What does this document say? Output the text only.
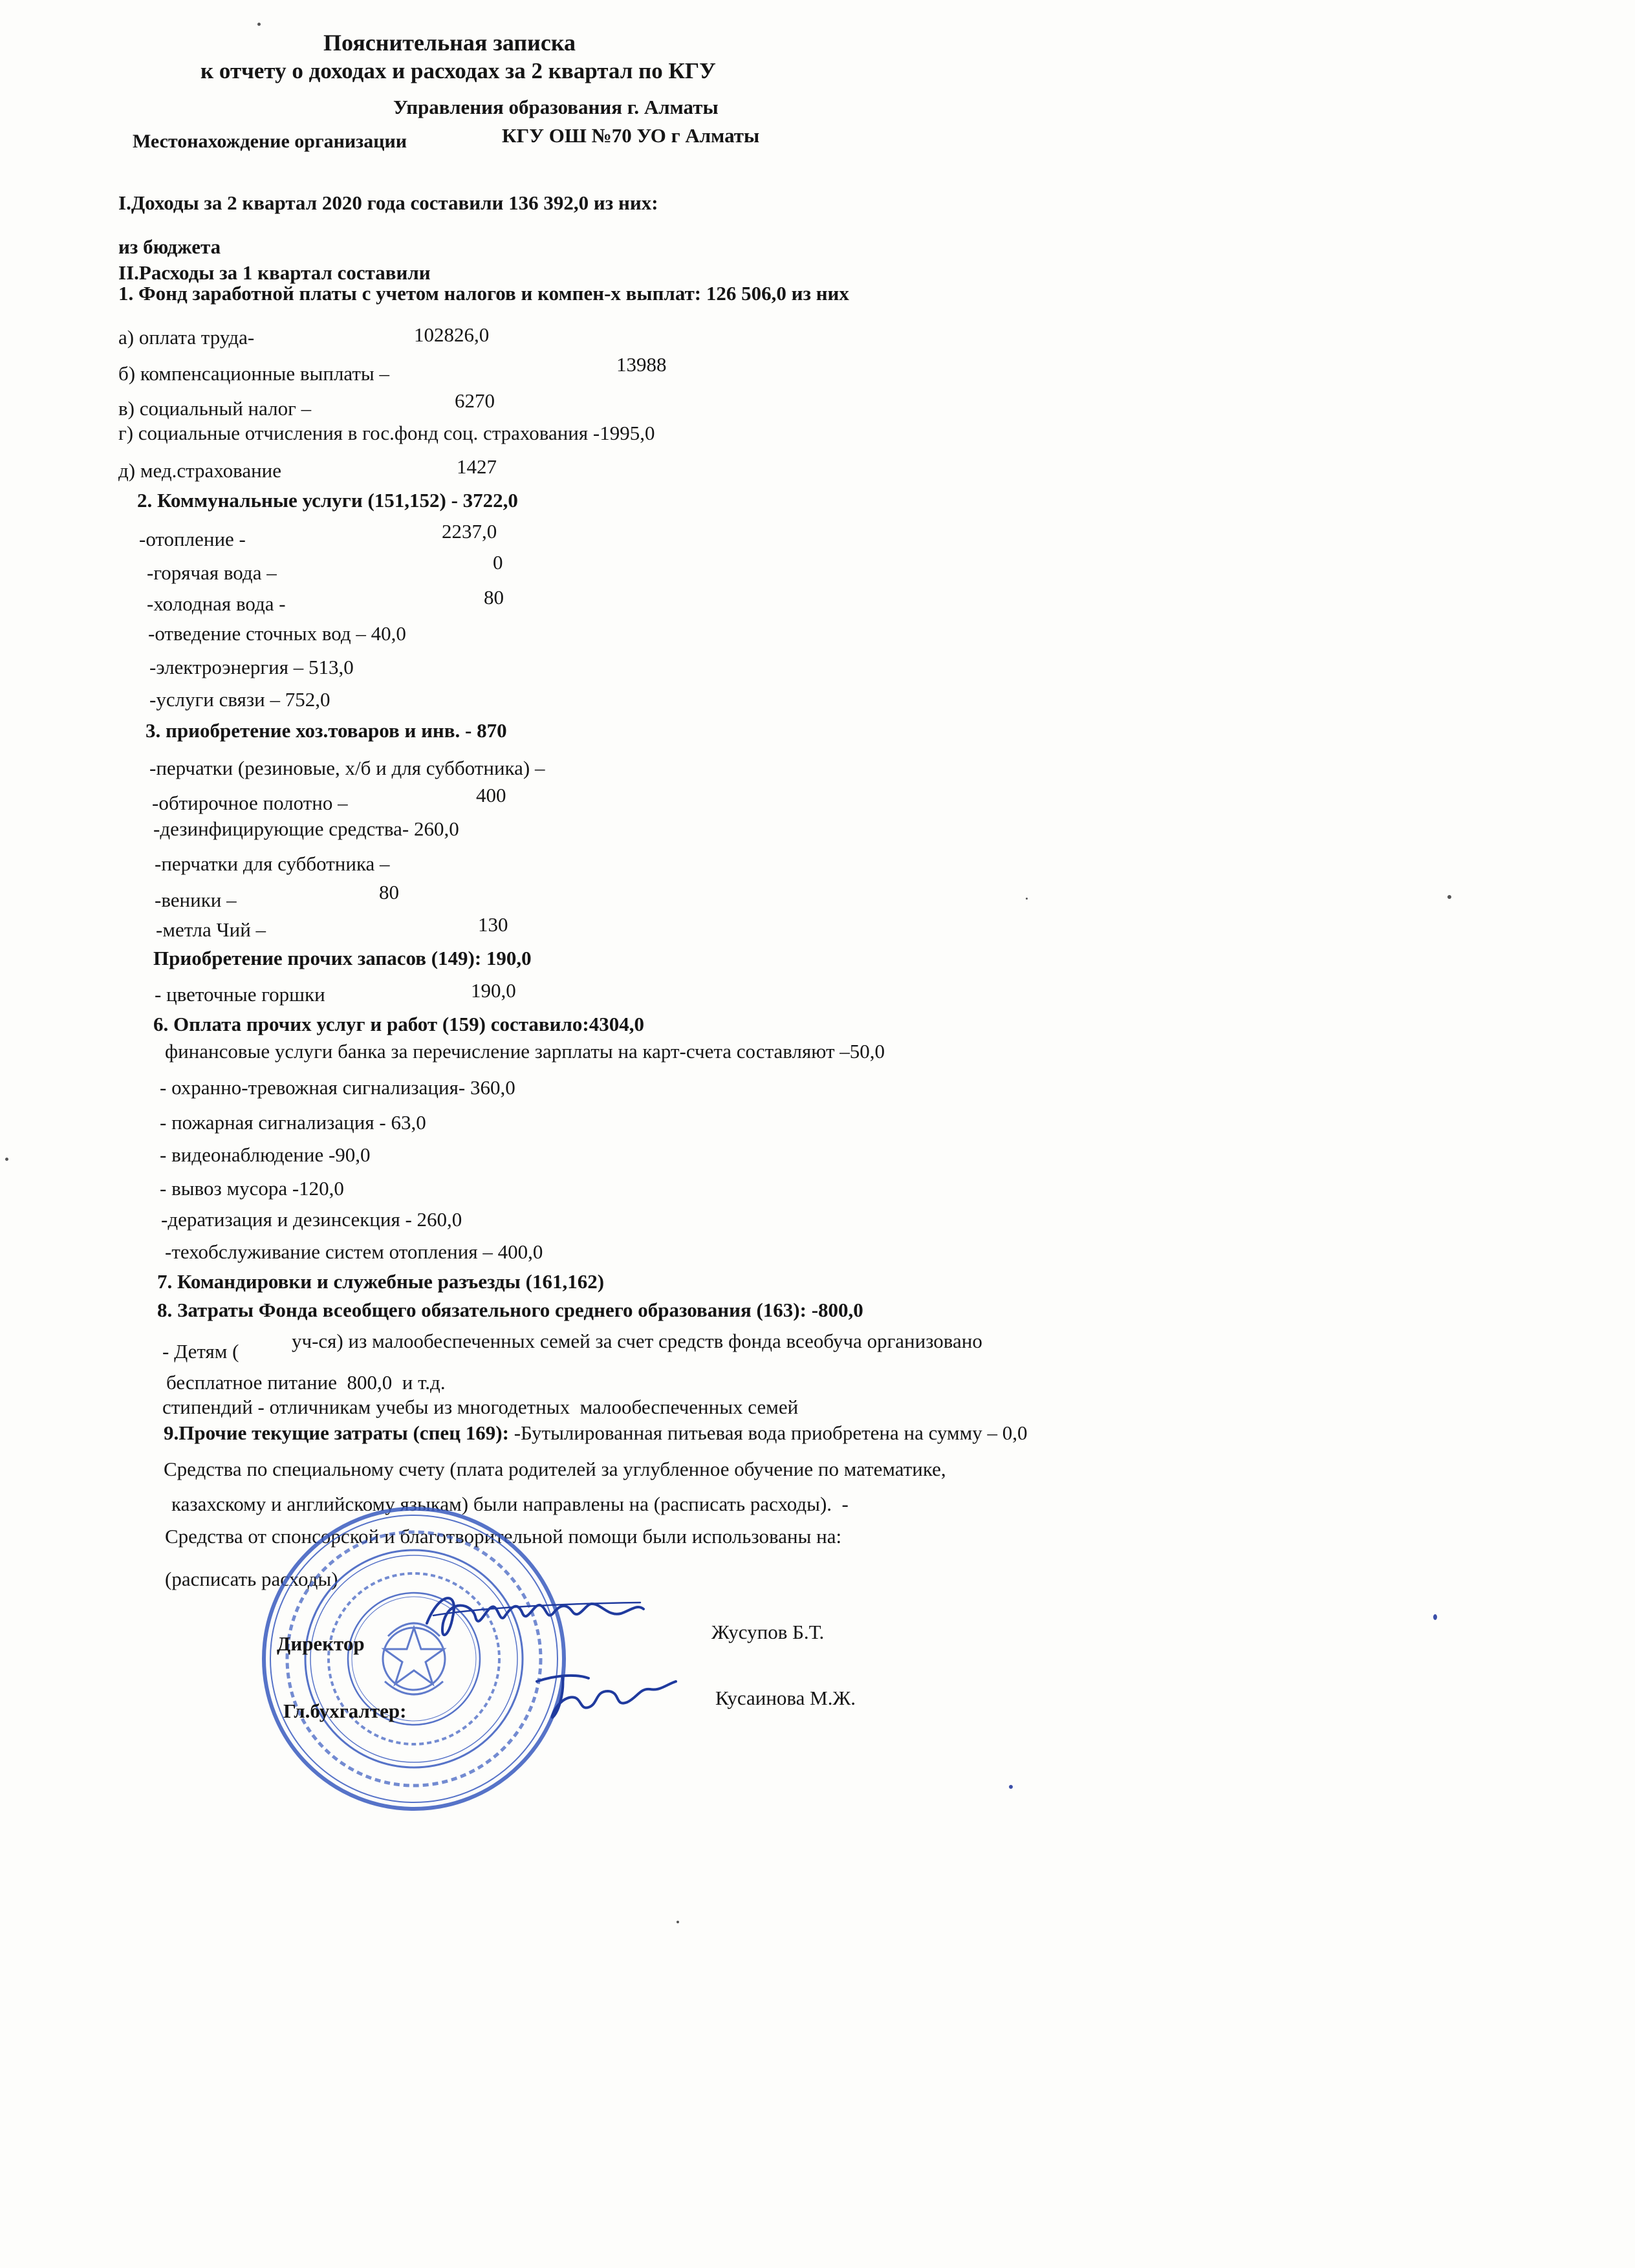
Пояснительная записка
к отчету о доходах и расходах за 2 квартал по КГУ
Управления образования г. Алматы
Местонахождение организации	КГУ ОШ №70 УО г Алматы
I.Доходы за 2 квартал 2020 года составили 136 392,0 из них:
из бюджета
II.Расходы за 1 квартал составили
1. Фонд заработной платы с учетом налогов и компен-х выплат: 126 506,0 из них
а) оплата труда-	102826,0
б) компенсационные выплаты –	13988
в) социальный налог –	6270
г) социальные отчисления в гос.фонд соц. страхования -1995,0
д) мед.страхование	1427
2. Коммунальные услуги (151,152) - 3722,0
-отопление -	2237,0
-горячая вода –	0
-холодная вода -	80
-отведение сточных вод – 40,0
-электроэнергия – 513,0
-услуги связи – 752,0
3. приобретение хоз.товаров и инв. - 870
-перчатки (резиновые, х/б и для субботника) –
-обтирочное полотно –	400
-дезинфицирующие средства- 260,0
-перчатки для субботника –
-веники –	80
-метла Чий –	130
Приобретение прочих запасов (149): 190,0
- цветочные горшки	190,0
6. Оплата прочих услуг и работ (159) составило:4304,0
финансовые услуги банка за перечисление зарплаты на карт-счета составляют –50,0
- охранно-тревожная сигнализация- 360,0
- пожарная сигнализация - 63,0
- видеонаблюдение -90,0
- вывоз мусора -120,0
-дератизация и дезинсекция - 260,0
-техобслуживание систем отопления – 400,0
7. Командировки и служебные разъезды (161,162)
8. Затраты Фонда всеобщего обязательного среднего образования (163): -800,0
- Детям (	уч-ся) из малообеспеченных семей за счет средств фонда всеобуча организовано
бесплатное питание  800,0  и т.д.
стипендий - отличникам учебы из многодетных  малообеспеченных семей
9.Прочие текущие затраты (спец 169): -Бутылированная питьевая вода приобретена на сумму – 0,0
Средства по специальному счету (плата родителей за углубленное обучение по математике,
казахскому и английскому языкам) были направлены на (расписать расходы).  -
Средства от спонсорской и благотворительной помощи были использованы на:
(расписать расходы)
Директор
Жусупов Б.Т.
Гл.бухгалтер:
Кусаинова М.Ж.
